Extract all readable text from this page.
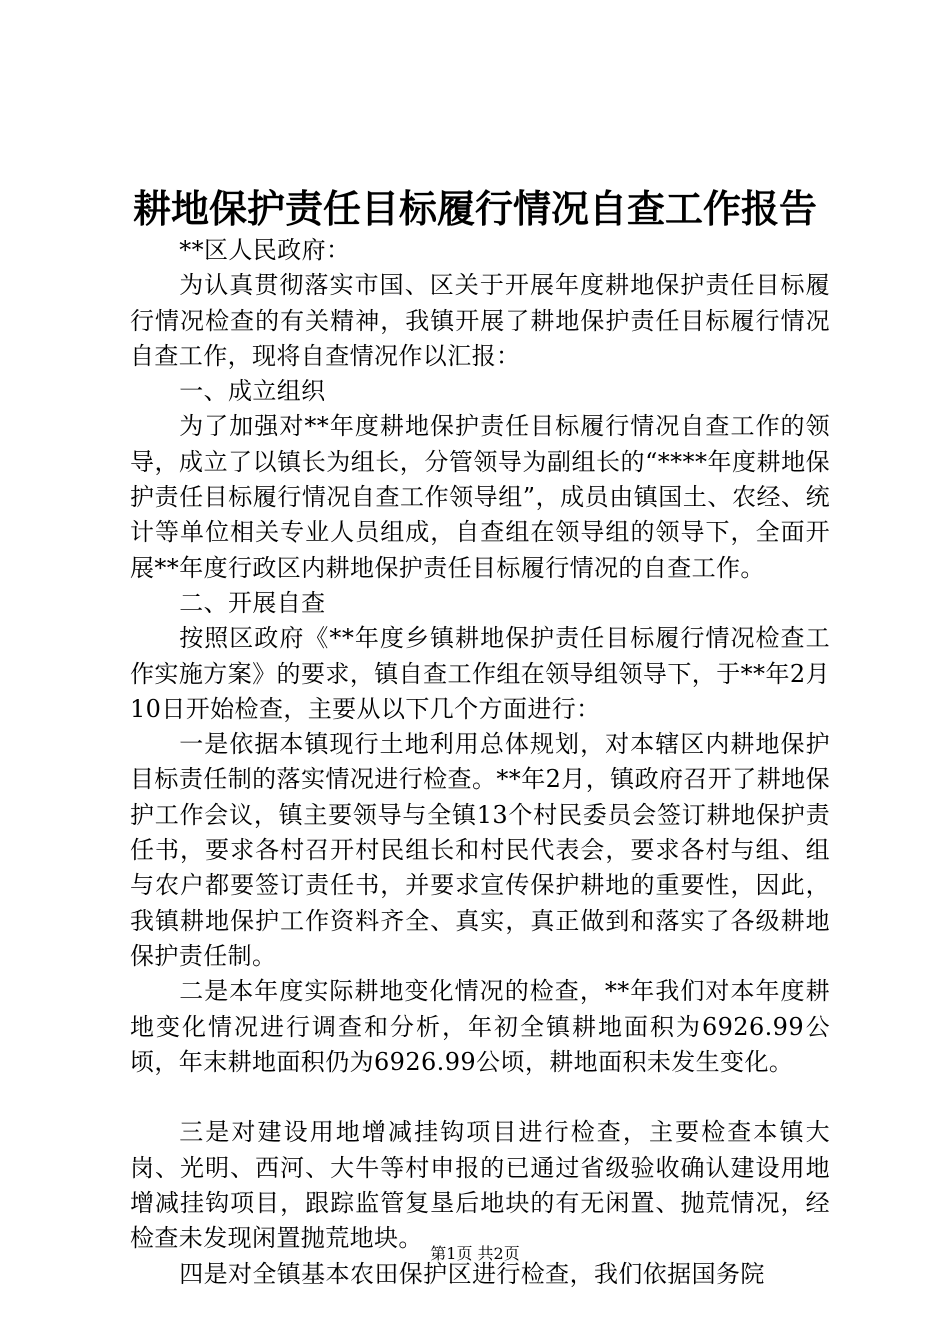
耕地保护责任目标履行情况自查工作报告

**区人民政府：

为认真贯彻落实市国、区关于开展年度耕地保护责任目标履行情况检查的有关精神，我镇开展了耕地保护责任目标履行情况自查工作，现将自查情况作以汇报：

一、成立组织

为了加强对**年度耕地保护责任目标履行情况自查工作的领导，成立了以镇长为组长，分管领导为副组长的“****年度耕地保护责任目标履行情况自查工作领导组”，成员由镇国土、农经、统计等单位相关专业人员组成，自查组在领导组的领导下，全面开展**年度行政区内耕地保护责任目标履行情况的自查工作。

二、开展自查

按照区政府《**年度乡镇耕地保护责任目标履行情况检查工作实施方案》的要求，镇自查工作组在领导组领导下，于**年2月10日开始检查，主要从以下几个方面进行：

一是依据本镇现行土地利用总体规划，对本辖区内耕地保护目标责任制的落实情况进行检查。**年2月，镇政府召开了耕地保护工作会议，镇主要领导与全镇13个村民委员会签订耕地保护责任书，要求各村召开村民组长和村民代表会，要求各村与组、组与农户都要签订责任书，并要求宣传保护耕地的重要性，因此，我镇耕地保护工作资料齐全、真实，真正做到和落实了各级耕地保护责任制。

二是本年度实际耕地变化情况的检查，**年我们对本年度耕地变化情况进行调查和分析，年初全镇耕地面积为6926.99公顷，年末耕地面积仍为6926.99公顷，耕地面积未发生变化。

三是对建设用地增减挂钩项目进行检查，主要检查本镇大岗、光明、西河、大牛等村申报的已通过省级验收确认建设用地增减挂钩项目，跟踪监管复垦后地块的有无闲置、抛荒情况，经检查未发现闲置抛荒地块。

四是对全镇基本农田保护区进行检查，我们依据国务院

第1页 共2页
